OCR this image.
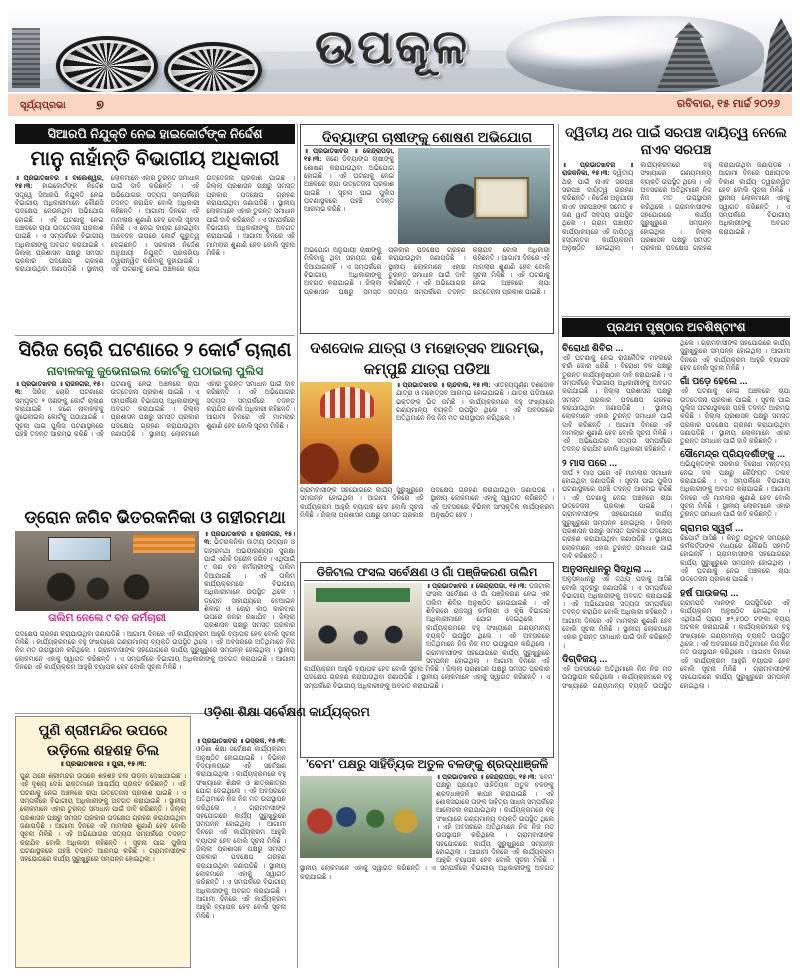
ଉପକୂଳ
ସୂର୍ଯ୍ୟପ୍ରଭା ୭	ରବିବାର, ୧୫ ମାର୍ଚ୍ଚ ୨୦୨୬
ସିଆରପି ନିଯୁକ୍ତି ନେଇ ହାଇକୋର୍ଟଙ୍କ ନିର୍ଦ୍ଦେଶ
ମାନୁ ନାହାଁନ୍ତି ବିଭାଗୀୟ ଅଧିକାରୀ
॥ ପ୍ରଭାତଖବର ॥ ବାଲେଶ୍ୱର, ୧୫।୩: ହାଇକୋର୍ଟଙ୍କ ନିର୍ଦ୍ଦେଶ ସତ୍ତ୍ୱେ ସିଆରପି ନିଯୁକ୍ତି ନେଇ ବିଭାଗୀୟ ଅଧିକାରୀମାନେ କୌଣସି ପଦକ୍ଷେପ ନେଉନଥିବା ଅଭିଯୋଗ ହୋଇଛି । ଏହି ଘଟଣାକୁ ନେଇ ଅଞ୍ଚଳରେ ଚାପା ଉତ୍ତେଜନା ପ୍ରକାଶ ପାଇଛି । ଏ ସମ୍ପର୍କରେ ବିଭାଗୀୟ ଅଧିକାରୀଙ୍କୁ ଅବଗତ କରାଯାଇଛି । ଜିଲ୍ଲା ପ୍ରଶାସନ ପକ୍ଷରୁ ସମସ୍ତ ପ୍ରକାର ପଦକ୍ଷେପ ଗ୍ରହଣ କରାଯାଉଥିବା ଜଣାପଡ଼ିଛି । ସ୍ଥାନୀୟ ଲୋକମାନେ ଏହାର ତୁରନ୍ତ ସମାଧାନ ପାଇଁ ଦାବି କରିଛନ୍ତି । ଏହି ଅଭିଯୋଗର ସତ୍ୟତା ସମ୍ପର୍କରେ ତଦନ୍ତ କରାଯିବ ବୋଲି ଅଧିକାରୀ କହିଛନ୍ତି । ଆଗାମୀ ଦିନରେ ଏହି ମାମଲାର ଶୁଣାଣି ହେବ ବୋଲି ସୂଚନା ମିଳିଛି । ଏ ନେଇ ଦାୟର ହୋଇଥିବା ଆବେଦନ ଉପରେ କୋର୍ଟ ଗୁରୁତ୍ୱ ଦେଇଛନ୍ତି । ସରକାରୀ ନିର୍ଦ୍ଦେଶ ଅନୁଯାୟୀ ନିଯୁକ୍ତି ପ୍ରକ୍ରିୟା ତ୍ୱରାନ୍ୱିତ କରିବାକୁ କୁହାଯାଇଛି । ଏହି ଘଟଣାକୁ ନେଇ ଅଞ୍ଚଳରେ ଚାପା ଉତ୍ତେଜନା ପ୍ରକାଶ ପାଇଛି । ଜିଲ୍ଲା ପ୍ରଶାସନ ପକ୍ଷରୁ ସମସ୍ତ ପ୍ରକାର ପଦକ୍ଷେପ ଗ୍ରହଣ କରାଯାଉଥିବା ଜଣାପଡ଼ିଛି । ସ୍ଥାନୀୟ ଲୋକମାନେ ଏହାର ତୁରନ୍ତ ସମାଧାନ ପାଇଁ ଦାବି କରିଛନ୍ତି । ଏ ସମ୍ପର୍କରେ ବିଭାଗୀୟ ଅଧିକାରୀଙ୍କୁ ଅବଗତ କରାଯାଇଛି । ଆଗାମୀ ଦିନରେ ଏହି ମାମଲାର ଶୁଣାଣି ହେବ ବୋଲି ସୂଚନା ମିଳିଛି ।
ଦିବ୍ୟାଙ୍ଗ ଚାଷୀଙ୍କୁ ଶୋଷଣ ଅଭିଯୋଗ
॥ ପ୍ରଭାତଖବର ॥ କେନ୍ଦ୍ରାପଡ଼ା, ୧୫।୩: ଜଣେ ଦିବ୍ୟାଙ୍ଗ ଚାଷୀଙ୍କୁ ଶୋଷଣ କରାଯାଉଥିବା ଅଭିଯୋଗ ହୋଇଛି । ଏହି ଘଟଣାକୁ ନେଇ ଅଞ୍ଚଳରେ ଚାପା ଉତ୍ତେଜନା ପ୍ରକାଶ ପାଇଛି । ସୂଚନା ପାଇ ପୁଲିସ ଘଟଣାସ୍ଥଳରେ ପହଞ୍ଚି ତଦନ୍ତ ଆରମ୍ଭ କରିଛି ।
ଅଭିଯୋଗ ଅନୁଯାୟୀ ଚାଷୀଙ୍କୁ ମିଳିବାକୁ ଥିବା ସହାୟତା ରାଶି ଦିଆଯାଇନାହିଁ । ଏ ସମ୍ପର୍କରେ ବିଭାଗୀୟ ଅଧିକାରୀଙ୍କୁ ଅବଗତ କରାଯାଇଛି । ଜିଲ୍ଲା ପ୍ରଶାସନ ପକ୍ଷରୁ ସମସ୍ତ ପ୍ରକାର ପଦକ୍ଷେପ ଗ୍ରହଣ କରାଯାଉଥିବା ଜଣାପଡ଼ିଛି । ସ୍ଥାନୀୟ ଲୋକମାନେ ଏହାର ତୁରନ୍ତ ସମାଧାନ ପାଇଁ ଦାବି କରିଛନ୍ତି । ଏହି ଅଭିଯୋଗର ସତ୍ୟତା ସମ୍ପର୍କରେ ତଦନ୍ତ କରାଯିବ ବୋଲି ଅଧିକାରୀ କହିଛନ୍ତି । ଆଗାମୀ ଦିନରେ ଏହି ମାମଲାର ଶୁଣାଣି ହେବ ବୋଲି ସୂଚନା ମିଳିଛି । ଏହି ଘଟଣାକୁ ନେଇ ଅଞ୍ଚଳରେ ଚାପା ଉତ୍ତେଜନା ପ୍ରକାଶ ପାଇଛି ।
ଦ୍ୱିତୀୟ ଥର ପାଇଁ ସରପଞ୍ଚ ଦାୟିତ୍ୱ ନେଲେ ନାଏବ ସରପଞ୍ଚ
॥ ପ୍ରଭାତଖବର ॥ ରାଜକନିକା, ୧୫।୩: ଦ୍ୱିତୀୟ ଥର ପାଇଁ ନାଏବ ସରପଞ୍ଚ ସରପଞ୍ଚ ଦାୟିତ୍ୱ ଗ୍ରହଣ କରିଛନ୍ତି । ନିର୍ଦ୍ଦେଶ ଅନୁଯାୟୀ ନାଏବ ସରପଞ୍ଚଙ୍କ ସମେତ ୫ ଜଣ ୱାର୍ଡ ସଦସ୍ୟ ଉପସ୍ଥିତ ଥିଲେ । ଗ୍ରାମ ପଞ୍ଚାୟତ କାର୍ଯ୍ୟାଳୟରେ ଏହି ଦାୟିତ୍ୱ ହସ୍ତାନ୍ତର କାର୍ଯ୍ୟକ୍ରମ ଅନୁଷ୍ଠିତ ହୋଇଥିଲା । କାର୍ଯ୍ୟକ୍ରମରେ ବହୁ ସଂଖ୍ୟାରେ ଗଣ୍ୟମାନ୍ୟ ବ୍ୟକ୍ତି ଉପସ୍ଥିତ ଥିଲେ । ଏହି ଅବସରରେ ଅତିଥିମାନେ ନିଜ ନିଜ ମତ ଉପସ୍ଥାପନ କରିଥିଲେ । ଗ୍ରାମବାସୀଙ୍କ ସହଯୋଗରେ କାର୍ଯ୍ୟ ସୁରୁଖୁରୁରେ ସମ୍ପନ୍ନ ହୋଇଥିଲା । ଜିଲ୍ଲା ପ୍ରଶାସନ ପକ୍ଷରୁ ସମସ୍ତ ପ୍ରକାର ପଦକ୍ଷେପ ଗ୍ରହଣ କରାଯାଉଥିବା ଜଣାପଡ଼ିଛି । ଆଗାମୀ ଦିନରେ ପଞ୍ଚାୟତର ବିକାଶ କାର୍ଯ୍ୟ ତ୍ୱରାନ୍ୱିତ ହେବ ବୋଲି ସୂଚନା ମିଳିଛି । ସ୍ଥାନୀୟ ଲୋକମାନେ ଏହାକୁ ସ୍ୱାଗତ କରିଛନ୍ତି । ଏ ସମ୍ପର୍କରେ ବିଭାଗୀୟ ଅଧିକାରୀଙ୍କୁ ଅବଗତ କରାଯାଇଛି ।
ପ୍ରଥମ ପୃଷ୍ଠାର ଅବଶିଷ୍ଟାଂଶ
ବିରୋଧୀ ଶିବିର ...

ଏହି ଘଟଣାକୁ ନେଇ ରାଜନୈତିକ ମହଲରେ ଚର୍ଚ୍ଚା ଜୋର ଧରିଛି । ବିରୋଧୀ ଦଳ ପକ୍ଷରୁ ତୁରନ୍ତ କାର୍ଯ୍ୟାନୁଷ୍ଠାନ ଦାବି କରାଯାଇଛି । ଏ ସମ୍ପର୍କରେ ବିଭାଗୀୟ ଅଧିକାରୀଙ୍କୁ ଅବଗତ କରାଯାଇଛି । ଜିଲ୍ଲା ପ୍ରଶାସନ ପକ୍ଷରୁ ସମସ୍ତ ପ୍ରକାର ପଦକ୍ଷେପ ଗ୍ରହଣ କରାଯାଉଥିବା ଜଣାପଡ଼ିଛି । ସ୍ଥାନୀୟ ଲୋକମାନେ ଏହାର ତୁରନ୍ତ ସମାଧାନ ପାଇଁ ଦାବି କରିଛନ୍ତି । ଆଗାମୀ ଦିନରେ ଏହି ମାମଲାର ଶୁଣାଣି ହେବ ବୋଲି ସୂଚନା ମିଳିଛି । ଏହି ଅଭିଯୋଗର ସତ୍ୟତା ସମ୍ପର୍କରେ ତଦନ୍ତ କରାଯିବ ବୋଲି ଅଧିକାରୀ କହିଛନ୍ତି ।

୨ ମାସ ପରେ ...

ଦୀର୍ଘ ୨ ମାସ ପରେ ଏହି ମାମଲାର ସମାଧାନ ହୋଇଥିବା ଜଣାପଡ଼ିଛି । ସୂଚନା ପାଇ ପୁଲିସ ଘଟଣାସ୍ଥଳରେ ପହଞ୍ଚି ତଦନ୍ତ ଆରମ୍ଭ କରିଛି । ଏହି ଘଟଣାକୁ ନେଇ ଅଞ୍ଚଳରେ ଚାପା ଉତ୍ତେଜନା ପ୍ରକାଶ ପାଇଛି । ଗ୍ରାମବାସୀଙ୍କ ସହଯୋଗରେ କାର୍ଯ୍ୟ ସୁରୁଖୁରୁରେ ସମ୍ପନ୍ନ ହୋଇଥିଲା । ଜିଲ୍ଲା ପ୍ରଶାସନ ପକ୍ଷରୁ ସମସ୍ତ ପ୍ରକାର ପଦକ୍ଷେପ ଗ୍ରହଣ କରାଯାଉଥିବା ଜଣାପଡ଼ିଛି । ସ୍ଥାନୀୟ ଲୋକମାନେ ଏହାର ତୁରନ୍ତ ସମାଧାନ ପାଇଁ ଦାବି କରିଛନ୍ତି ।

ଅନୁସନ୍ଧାନରୁ ସିଦ୍ଧିଲା ...

ଅନୁସନ୍ଧାନରୁ ଏହି ତଥ୍ୟ ପଦାକୁ ଆସିଛି ବୋଲି ସୂତ୍ରରୁ ଜଣାପଡ଼ିଛି । ଏ ସମ୍ପର୍କରେ ବିଭାଗୀୟ ଅଧିକାରୀଙ୍କୁ ଅବଗତ କରାଯାଇଛି । ଏହି ଅଭିଯୋଗର ସତ୍ୟତା ସମ୍ପର୍କରେ ତଦନ୍ତ କରାଯିବ ବୋଲି ଅଧିକାରୀ କହିଛନ୍ତି । ଆଗାମୀ ଦିନରେ ଏହି ମାମଲାର ଶୁଣାଣି ହେବ ବୋଲି ସୂଚନା ମିଳିଛି । ସ୍ଥାନୀୟ ଲୋକମାନେ ଏହାର ତୁରନ୍ତ ସମାଧାନ ପାଇଁ ଦାବି କରିଛନ୍ତି ।

ଦିଗ୍‌ବିଜୟ ...

ଏହି ଅବସରରେ ଅତିଥିମାନେ ନିଜ ନିଜ ମତ ଉପସ୍ଥାପନ କରିଥିଲେ । କାର୍ଯ୍ୟକ୍ରମରେ ବହୁ ସଂଖ୍ୟାରେ ଗଣ୍ୟମାନ୍ୟ ବ୍ୟକ୍ତି ଉପସ୍ଥିତ ଥିଲେ । ଗ୍ରାମବାସୀଙ୍କ ସହଯୋଗରେ କାର୍ଯ୍ୟ ସୁରୁଖୁରୁରେ ସମ୍ପନ୍ନ ହୋଇଥିଲା । ଆଗାମୀ ଦିନରେ ଏହି କାର୍ଯ୍ୟକ୍ରମ ଆହୁରି ବ୍ୟାପକ ହେବ ବୋଲି ସୂଚନା ମିଳିଛି ।

ଗାଁ ପଡ଼େ ହେଲେ ...

ଏହି ଘଟଣାକୁ ନେଇ ଅଞ୍ଚଳରେ ଚାପା ଉତ୍ତେଜନା ପ୍ରକାଶ ପାଇଛି । ସୂଚନା ପାଇ ପୁଲିସ ଘଟଣାସ୍ଥଳରେ ପହଞ୍ଚି ତଦନ୍ତ ଆରମ୍ଭ କରିଛି । ଜିଲ୍ଲା ପ୍ରଶାସନ ପକ୍ଷରୁ ସମସ୍ତ ପ୍ରକାର ପଦକ୍ଷେପ ଗ୍ରହଣ କରାଯାଉଥିବା ଜଣାପଡ଼ିଛି । ସ୍ଥାନୀୟ ଲୋକମାନେ ଏହାର ତୁରନ୍ତ ସମାଧାନ ପାଇଁ ଦାବି କରିଛନ୍ତି ।

ସୌମେନ୍ଦ୍ର ପ୍ରିୟଦର୍ଶୀଙ୍କୁ ...

ଅଭିଯୁକ୍ତଙ୍କ ସରକାର ବିରୋଧୀ ମନ୍ତବ୍ୟ ନେଇ ଦଳ ପକ୍ଷରୁ କୈଫିୟତ ତଲବ କରାଯାଇଛି । ଏ ସମ୍ପର୍କରେ ବିଭାଗୀୟ ଅଧିକାରୀଙ୍କୁ ଅବଗତ କରାଯାଇଛି । ଆଗାମୀ ଦିନରେ ଏହି ମାମଲାର ଶୁଣାଣି ହେବ ବୋଲି ସୂଚନା ମିଳିଛି । ସ୍ଥାନୀୟ ଲୋକମାନେ ଏହାର ତୁରନ୍ତ ସମାଧାନ ପାଇଁ ଦାବି କରିଛନ୍ତି ।

ଗ୍ରାମର ସ୍ୱର୍ଗ ...

ରିପୋର୍ଟ ଆସିଛି । କିନ୍ତୁ ଉଦ୍ଘାଟନ ସମୟରେ କର୍ମକର୍ତ୍ତାଙ୍କ ମଧ୍ୟରେ କୌଣସି ସହମତି ହୋଇନାହିଁ । ଗ୍ରାମବାସୀଙ୍କ ସହଯୋଗରେ କାର୍ଯ୍ୟ ସୁରୁଖୁରୁରେ ସମ୍ପନ୍ନ ହୋଇଥିଲା । ଏହି ଘଟଣାକୁ ନେଇ ଅଞ୍ଚଳରେ ଚାପା ଉତ୍ତେଜନା ପ୍ରକାଶ ପାଇଛି ।

ହର୍ଷ ପାଉକଲା ...

ଗ୍ରାମପତି ମାନଙ୍କ ଉପସ୍ଥିତିରେ ଏହି କାର୍ଯ୍ୟକ୍ରମ ଅନୁଷ୍ଠିତ ହୋଇଥିଲା । ଏଥିପାଇଁ ପ୍ରାୟ ୭୨,୫୦୦ ଟଙ୍କା ବ୍ୟୟ ଅଟକଳ କରାଯାଇଛି । କାର୍ଯ୍ୟକ୍ରମରେ ବହୁ ସଂଖ୍ୟାରେ ଗଣ୍ୟମାନ୍ୟ ବ୍ୟକ୍ତି ଉପସ୍ଥିତ ଥିଲେ । ଏହି ଅବସରରେ ଅତିଥିମାନେ ନିଜ ନିଜ ମତ ଉପସ୍ଥାପନ କରିଥିଲେ । ଆଗାମୀ ଦିନରେ ଏହି କାର୍ଯ୍ୟକ୍ରମ ଆହୁରି ବ୍ୟାପକ ହେବ ବୋଲି ସୂଚନା ମିଳିଛି । ଗ୍ରାମବାସୀଙ୍କ ସହଯୋଗରେ କାର୍ଯ୍ୟ ସୁରୁଖୁରୁରେ ସମ୍ପନ୍ନ ହୋଇଥିଲା ।

ସିରିଜ ଚୋରି ଘଟଣାରେ ୨ କୋର୍ଟ ଚାଲାଣ
ନାବାଳକକୁ ଜୁଭେନାଇଲ କୋର୍ଟକୁ ପଠାଇଲା ପୁଲିସ
॥ ପ୍ରଭାତଖବର ॥ ରାଜନଗର, ୧୫।୩: ସିରିଜ ଚୋରି ଘଟଣାରେ ସମ୍ପୃକ୍ତ ୨ ଜଣଙ୍କୁ କୋର୍ଟ ଚାଲାଣ କରାଯାଇଛି । ଜଣେ ନାବାଳକକୁ ଜୁଭେନାଇଲ କୋର୍ଟକୁ ପଠାଯାଇଛି । ସୂଚନା ପାଇ ପୁଲିସ ଘଟଣାସ୍ଥଳରେ ପହଞ୍ଚି ତଦନ୍ତ ଆରମ୍ଭ କରିଛି । ଏହି ଘଟଣାକୁ ନେଇ ଅଞ୍ଚଳରେ ଚାପା ଉତ୍ତେଜନା ପ୍ରକାଶ ପାଇଛି । ଏ ସମ୍ପର୍କରେ ବିଭାଗୀୟ ଅଧିକାରୀଙ୍କୁ ଅବଗତ କରାଯାଇଛି । ଜିଲ୍ଲା ପ୍ରଶାସନ ପକ୍ଷରୁ ସମସ୍ତ ପ୍ରକାର ପଦକ୍ଷେପ ଗ୍ରହଣ କରାଯାଉଥିବା ଜଣାପଡ଼ିଛି । ସ୍ଥାନୀୟ ଲୋକମାନେ ଏହାର ତୁରନ୍ତ ସମାଧାନ ପାଇଁ ଦାବି କରିଛନ୍ତି । ଏହି ଅଭିଯୋଗର ସତ୍ୟତା ସମ୍ପର୍କରେ ତଦନ୍ତ କରାଯିବ ବୋଲି ଅଧିକାରୀ କହିଛନ୍ତି । ଆଗାମୀ ଦିନରେ ଏହି ମାମଲାର ଶୁଣାଣି ହେବ ବୋଲି ସୂଚନା ମିଳିଛି ।
ଦଶଦୋଳ ଯାତ୍ରା ଓ ମହୋତ୍ସବ ଆରମ୍ଭ, କମ୍ପୁଛି ଯାତ୍ରା ପଡିଆ
॥ ପ୍ରଭାତଖବର ॥ ଚାନ୍ଦବାଲି, ୧୫।୩: ଐତିହ୍ୟପୂର୍ଣ୍ଣ ଦଶଦୋଳ ଯାତ୍ରା ଓ ମହୋତ୍ସବ ଆରମ୍ଭ ହୋଇଯାଇଛି । ଯାତ୍ରା ପଡିଆରେ ଭକ୍ତଙ୍କ ଭିଡ଼ ଜମିଛି । କାର୍ଯ୍ୟକ୍ରମରେ ବହୁ ସଂଖ୍ୟାରେ ଗଣ୍ୟମାନ୍ୟ ବ୍ୟକ୍ତି ଉପସ୍ଥିତ ଥିଲେ । ଏହି ଅବସରରେ ଅତିଥିମାନେ ନିଜ ନିଜ ମତ ଉପସ୍ଥାପନ କରିଥିଲେ ।
ଗ୍ରାମବାସୀଙ୍କ ସହଯୋଗରେ କାର୍ଯ୍ୟ ସୁରୁଖୁରୁରେ ସମ୍ପନ୍ନ ହୋଇଥିଲା । ଆଗାମୀ ଦିନରେ ଏହି କାର୍ଯ୍ୟକ୍ରମ ଆହୁରି ବ୍ୟାପକ ହେବ ବୋଲି ସୂଚନା ମିଳିଛି । ଜିଲ୍ଲା ପ୍ରଶାସନ ପକ୍ଷରୁ ସମସ୍ତ ପ୍ରକାର ପଦକ୍ଷେପ ଗ୍ରହଣ କରାଯାଉଥିବା ଜଣାପଡ଼ିଛି । ସ୍ଥାନୀୟ ଲୋକମାନେ ଏହାକୁ ସ୍ୱାଗତ କରିଛନ୍ତି । ଏହି ଅବସରରେ ବିଭିନ୍ନ ସାଂସ୍କୃତିକ କାର୍ଯ୍ୟକ୍ରମ ଅନୁଷ୍ଠିତ ହେବ ।
ଡ୍ରୋନ ଜଗିବ ଭିତରକନିକା ଓ ଗହୀରମଥା
ତାଲିମ ନେଲେ ୯ ବନ କର୍ମଚାରୀ
॥ ପ୍ରଭାତଖବର ॥ ରାଜନଗର, ୧୫।୩: ଭିତରକନିକା ଜାତୀୟ ଉଦ୍ୟାନ ଓ ଗହୀରମଥା ଅଭୟାରଣ୍ୟର ସୁରକ୍ଷା ପାଇଁ ଏଣିକି ଡ୍ରୋନ ଜଗିବ । ଏଥିପାଇଁ ୯ ଜଣ ବନ କର୍ମଚାରୀଙ୍କୁ ତାଲିମ ଦିଆଯାଇଛି । ଏହି ତାଲିମ କାର୍ଯ୍ୟକ୍ରମରେ ବିଭାଗୀୟ ଅଧିକାରୀମାନେ ଉପସ୍ଥିତ ଥିଲେ । ଡ୍ରୋନ ସାହାଯ୍ୟରେ ବେଆଇନ ଶିକାର ଓ ଚୋରା କାଠ କାରବାର ଉପରେ ନଜର ରଖାଯିବ । ଜିଲ୍ଲା ପ୍ରଶାସନ ପକ୍ଷରୁ ସମସ୍ତ ପ୍ରକାର ପଦକ୍ଷେପ ଗ୍ରହଣ କରାଯାଉଥିବା ଜଣାପଡ଼ିଛି । ଆଗାମୀ ଦିନରେ ଏହି କାର୍ଯ୍ୟକ୍ରମ ଆହୁରି ବ୍ୟାପକ ହେବ ବୋଲି ସୂଚନା ମିଳିଛି । କାର୍ଯ୍ୟକ୍ରମରେ ବହୁ ସଂଖ୍ୟାରେ ଗଣ୍ୟମାନ୍ୟ ବ୍ୟକ୍ତି ଉପସ୍ଥିତ ଥିଲେ । ଏହି ଅବସରରେ ଅତିଥିମାନେ ନିଜ ନିଜ ମତ ଉପସ୍ଥାପନ କରିଥିଲେ । ଗ୍ରାମବାସୀଙ୍କ ସହଯୋଗରେ କାର୍ଯ୍ୟ ସୁରୁଖୁରୁରେ ସମ୍ପନ୍ନ ହୋଇଥିଲା । ସ୍ଥାନୀୟ ଲୋକମାନେ ଏହାକୁ ସ୍ୱାଗତ କରିଛନ୍ତି । ଏ ସମ୍ପର୍କରେ ବିଭାଗୀୟ ଅଧିକାରୀଙ୍କୁ ଅବଗତ କରାଯାଇଛି । ଆଗାମୀ ଦିନରେ ଏହି କାର୍ଯ୍ୟକ୍ରମ ଆହୁରି ବ୍ୟାପକ ହେବ ବୋଲି ସୂଚନା ମିଳିଛି ।
ଡିଜିଟାଲ ଫସଲ ସର୍ବେକ୍ଷଣ ଓ ଗାଁ ପଞ୍ଜିକରଣ ତାଲିମ
॥ ପ୍ରଭାତଖବର ॥ କେନ୍ଦ୍ରାପଡ଼ା, ୧୫।୩: ଡିଜିଟାଲ ଫସଲ ସର୍ବେକ୍ଷଣ ଓ ଗାଁ ପଞ୍ଜିକରଣ ନେଇ ଏକ ତାଲିମ ଶିବିର ଅନୁଷ୍ଠିତ ହୋଇଯାଇଛି । ଏହି ଶିବିରରେ ରାଜସ୍ୱ କର୍ମଚାରୀ ଓ କୃଷି ବିଭାଗର ଅଧିକାରୀମାନେ ଯୋଗ ଦେଇଥିଲେ । କାର୍ଯ୍ୟକ୍ରମରେ ବହୁ ସଂଖ୍ୟାରେ ଗଣ୍ୟମାନ୍ୟ ବ୍ୟକ୍ତି ଉପସ୍ଥିତ ଥିଲେ । ଏହି ଅବସରରେ ଅତିଥିମାନେ ନିଜ ନିଜ ମତ ଉପସ୍ଥାପନ କରିଥିଲେ । ଗ୍ରାମବାସୀଙ୍କ ସହଯୋଗରେ କାର୍ଯ୍ୟ ସୁରୁଖୁରୁରେ ସମ୍ପନ୍ନ ହୋଇଥିଲା । ଆଗାମୀ ଦିନରେ ଏହି କାର୍ଯ୍ୟକ୍ରମ ଆହୁରି ବ୍ୟାପକ ହେବ ବୋଲି ସୂଚନା ମିଳିଛି । ଜିଲ୍ଲା ପ୍ରଶାସନ ପକ୍ଷରୁ ସମସ୍ତ ପ୍ରକାର ପଦକ୍ଷେପ ଗ୍ରହଣ କରାଯାଉଥିବା ଜଣାପଡ଼ିଛି । ସ୍ଥାନୀୟ ଲୋକମାନେ ଏହାକୁ ସ୍ୱାଗତ କରିଛନ୍ତି । ଏ ସମ୍ପର୍କରେ ବିଭାଗୀୟ ଅଧିକାରୀଙ୍କୁ ଅବଗତ କରାଯାଇଛି ।
ପୁଣି ଶ୍ରୀମନ୍ଦିର ଉପରେ ଉଡ଼ିଲେ ଶହଶହ ଚିଲ
॥ ପ୍ରଭାତଖବର ॥ ପୁରୀ, ୧୫।୩:
ପୁଣି ଥରେ ଶ୍ରୀମନ୍ଦିର ଉପରେ ଶହଶହ ଚିଲ ଉଡ଼ିବା ଦେଖାଯାଇଛି । ଏହି ଦୃଶ୍ୟ ଦେଖି ଭକ୍ତମାନେ ଆଶ୍ଚର୍ଯ୍ୟ ପ୍ରକଟ କରିଛନ୍ତି । ଏହି ଘଟଣାକୁ ନେଇ ଅଞ୍ଚଳରେ ଚାପା ଉତ୍ତେଜନା ପ୍ରକାଶ ପାଇଛି । ଏ ସମ୍ପର୍କରେ ବିଭାଗୀୟ ଅଧିକାରୀଙ୍କୁ ଅବଗତ କରାଯାଇଛି । ସ୍ଥାନୀୟ ଲୋକମାନେ ଏହାର ତୁରନ୍ତ ସମାଧାନ ପାଇଁ ଦାବି କରିଛନ୍ତି । ଜିଲ୍ଲା ପ୍ରଶାସନ ପକ୍ଷରୁ ସମସ୍ତ ପ୍ରକାର ପଦକ୍ଷେପ ଗ୍ରହଣ କରାଯାଉଥିବା ଜଣାପଡ଼ିଛି । ଆଗାମୀ ଦିନରେ ଏହି ମାମଲାର ଶୁଣାଣି ହେବ ବୋଲି ସୂଚନା ମିଳିଛି । ଏହି ଅଭିଯୋଗର ସତ୍ୟତା ସମ୍ପର୍କରେ ତଦନ୍ତ କରାଯିବ ବୋଲି ଅଧିକାରୀ କହିଛନ୍ତି । ସୂଚନା ପାଇ ପୁଲିସ ଘଟଣାସ୍ଥଳରେ ପହଞ୍ଚି ତଦନ୍ତ ଆରମ୍ଭ କରିଛି । ଗ୍ରାମବାସୀଙ୍କ ସହଯୋଗରେ କାର୍ଯ୍ୟ ସୁରୁଖୁରୁରେ ସମ୍ପନ୍ନ ହୋଇଥିଲା ।
ଓଡ଼ିଶା ଶିକ୍ଷା ସର୍ବେକ୍ଷଣ କାର୍ଯ୍ୟକ୍ରମ
॥ ପ୍ରଭାତଖବର ॥ ଭଦ୍ରକ, ୧୫।୩: ଓଡ଼ିଶା ଶିକ୍ଷା ସର୍ବେକ୍ଷଣ କାର୍ଯ୍ୟକ୍ରମ ଅନୁଷ୍ଠିତ ହୋଇଯାଇଛି । ବିଭିନ୍ନ ବିଦ୍ୟାଳୟରେ ଏହି ସର୍ବେକ୍ଷଣ କରାଯାଇଥିଲା । କାର୍ଯ୍ୟକ୍ରମରେ ବହୁ ସଂଖ୍ୟାରେ ଶିକ୍ଷକ ଓ ଛାତ୍ରଛାତ୍ରୀ ଯୋଗ ଦେଇଥିଲେ । ଏହି ଅବସରରେ ଅତିଥିମାନେ ନିଜ ନିଜ ମତ ଉପସ୍ଥାପନ କରିଥିଲେ । ଗ୍ରାମବାସୀଙ୍କ ସହଯୋଗରେ କାର୍ଯ୍ୟ ସୁରୁଖୁରୁରେ ସମ୍ପନ୍ନ ହୋଇଥିଲା । ଆଗାମୀ ଦିନରେ ଏହି କାର୍ଯ୍ୟକ୍ରମ ଆହୁରି ବ୍ୟାପକ ହେବ ବୋଲି ସୂଚନା ମିଳିଛି । ଜିଲ୍ଲା ପ୍ରଶାସନ ପକ୍ଷରୁ ସମସ୍ତ ପ୍ରକାର ପଦକ୍ଷେପ ଗ୍ରହଣ କରାଯାଉଥିବା ଜଣାପଡ଼ିଛି । ସ୍ଥାନୀୟ ଲୋକମାନେ ଏହାକୁ ସ୍ୱାଗତ କରିଛନ୍ତି । ଏ ସମ୍ପର୍କରେ ବିଭାଗୀୟ ଅଧିକାରୀଙ୍କୁ ଅବଗତ କରାଯାଇଛି । ଆଗାମୀ ଦିନରେ ଏହି କାର୍ଯ୍ୟକ୍ରମ ଆହୁରି ବ୍ୟାପକ ହେବ ବୋଲି ସୂଚନା ମିଳିଛି ।
'ବେମ' ପକ୍ଷରୁ ସାହିତ୍ୟିକ ଅତୁଳ ବଳଙ୍କୁ ଶ୍ରଦ୍ଧାଞ୍ଜଳି
॥ ପ୍ରଭାତଖବର ॥ କେନ୍ଦ୍ରାପଡ଼ା, ୧୫।୩: 'ବେମ' ପକ୍ଷରୁ ପ୍ରୟାତ ସାହିତ୍ୟିକ ଅତୁଳ ବଳଙ୍କୁ ଶ୍ରଦ୍ଧାଞ୍ଜଳି ଜ୍ଞାପନ କରାଯାଇଛି । ଏହି ଶୋକସଭାରେ ତାଙ୍କ ସାହିତ୍ୟ ସାଧନା ସମ୍ପର୍କରେ ଆଲୋଚନା କରାଯାଇଥିଲା । କାର୍ଯ୍ୟକ୍ରମରେ ବହୁ ସଂଖ୍ୟାରେ ଗଣ୍ୟମାନ୍ୟ ବ୍ୟକ୍ତି ଉପସ୍ଥିତ ଥିଲେ । ଏହି ଅବସରରେ ଅତିଥିମାନେ ନିଜ ନିଜ ମତ ଉପସ୍ଥାପନ କରିଥିଲେ । ଗ୍ରାମବାସୀଙ୍କ ସହଯୋଗରେ କାର୍ଯ୍ୟ ସୁରୁଖୁରୁରେ ସମ୍ପନ୍ନ ହୋଇଥିଲା । ଆଗାମୀ ଦିନରେ ଏହି କାର୍ଯ୍ୟକ୍ରମ ଆହୁରି ବ୍ୟାପକ ହେବ ବୋଲି ସୂଚନା ମିଳିଛି । ସ୍ଥାନୀୟ ଲୋକମାନେ ଏହାକୁ ସ୍ୱାଗତ କରିଛନ୍ତି । ଏ ସମ୍ପର୍କରେ ବିଭାଗୀୟ ଅଧିକାରୀଙ୍କୁ ଅବଗତ କରାଯାଇଛି ।
